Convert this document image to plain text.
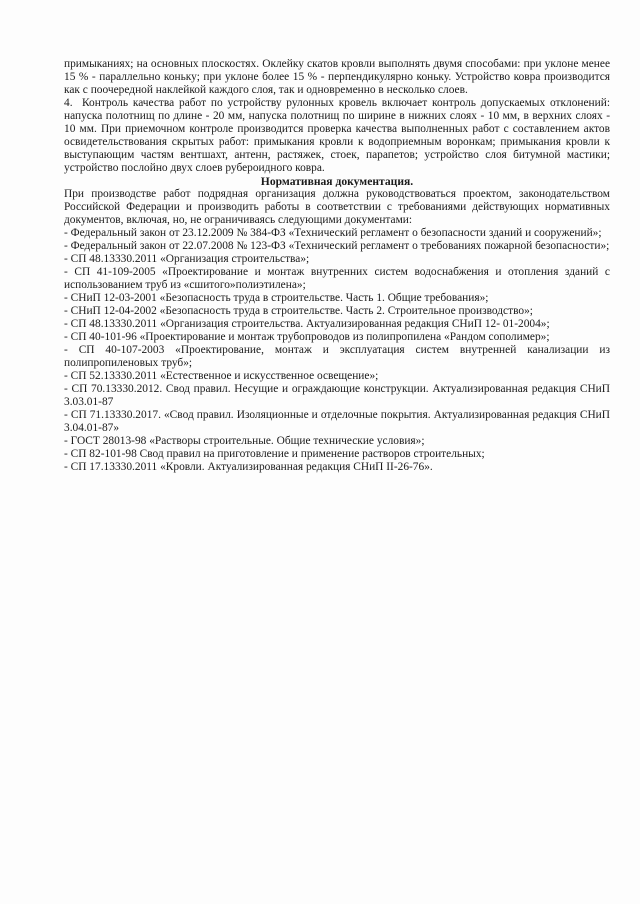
примыканиях; на основных плоскостях. Оклейку скатов кровли выполнять двумя способами: при уклоне менее 15 % - параллельно коньку; при уклоне более 15 % - перпендикулярно коньку. Устройство ковра производится как с поочередной наклейкой каждого слоя, так и одновременно в несколько слоев.

4. Контроль качества работ по устройству рулонных кровель включает контроль допускаемых отклонений: напуска полотнищ по длине - 20 мм, напуска полотнищ по ширине в нижних слоях - 10 мм, в верхних слоях - 10 мм. При приемочном контроле производится проверка качества выполненных работ с составлением актов освидетельствования скрытых работ: примыкания кровли к водоприемным воронкам; примыкания кровли к выступающим частям вентшахт, антенн, растяжек, стоек, парапетов; устройство слоя битумной мастики; устройство послойно двух слоев рубероидного ковра.

Нормативная документация.

При производстве работ подрядная организация должна руководствоваться проектом, законодательством Российской Федерации и производить работы в соответствии с требованиями действующих нормативных документов, включая, но, не ограничиваясь следующими документами:

- Федеральный закон от 23.12.2009 № 384-ФЗ «Технический регламент о безопасности зданий и сооружений»;

- Федеральный закон от 22.07.2008 № 123-ФЗ «Технический регламент о требованиях пожарной безопасности»;

- СП 48.13330.2011 «Организация строительства»;

- СП 41-109-2005 «Проектирование и монтаж внутренних систем водоснабжения и отопления зданий с использованием труб из «сшитого»полиэтилена»;

- СНиП 12-03-2001 «Безопасность труда в строительстве. Часть 1. Общие требования»;

- СНиП 12-04-2002 «Безопасность труда в строительстве. Часть 2. Строительное производство»;

- СП 48.13330.2011 «Организация строительства. Актуализированная редакция СНиП 12- 01-2004»;

- СП 40-101-96 «Проектирование и монтаж трубопроводов из полипропилена «Рандом сополимер»;

- СП 40-107-2003 «Проектирование, монтаж и эксплуатация систем внутренней канализации из полипропиленовых труб»;

- СП 52.13330.2011 «Естественное и искусственное освещение»;

- СП 70.13330.2012. Свод правил. Несущие и ограждающие конструкции. Актуализированная редакция СНиП 3.03.01-87

- СП 71.13330.2017. «Свод правил. Изоляционные и отделочные покрытия. Актуализированная редакция СНиП 3.04.01-87»

- ГОСТ 28013-98 «Растворы строительные. Общие технические условия»;

- СП 82-101-98 Свод правил на приготовление и применение растворов строительных;

- СП 17.13330.2011 «Кровли. Актуализированная редакция СНиП II-26-76».
